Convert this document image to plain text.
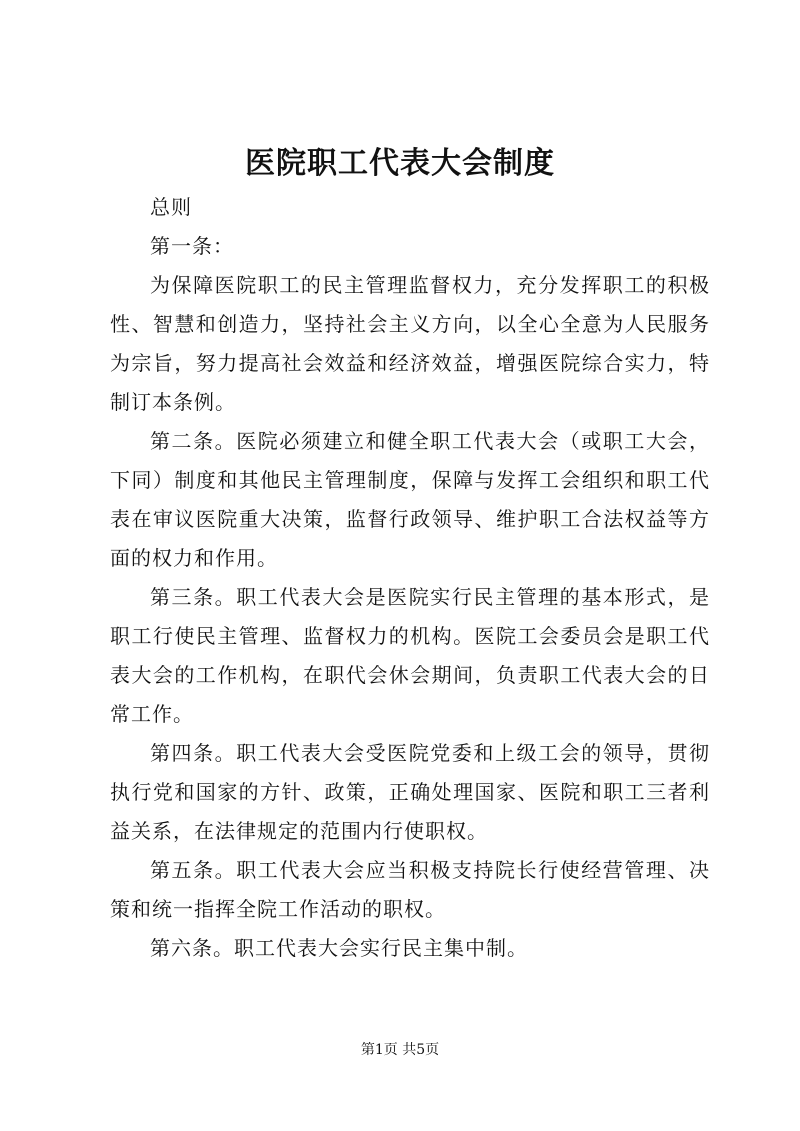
医院职工代表大会制度

总则

第一条：

为保障医院职工的民主管理监督权力，充分发挥职工的积极性、智慧和创造力，坚持社会主义方向，以全心全意为人民服务为宗旨，努力提高社会效益和经济效益，增强医院综合实力，特制订本条例。

第二条。医院必须建立和健全职工代表大会（或职工大会，下同）制度和其他民主管理制度，保障与发挥工会组织和职工代表在审议医院重大决策，监督行政领导、维护职工合法权益等方面的权力和作用。

第三条。职工代表大会是医院实行民主管理的基本形式，是职工行使民主管理、监督权力的机构。医院工会委员会是职工代表大会的工作机构，在职代会休会期间，负责职工代表大会的日常工作。

第四条。职工代表大会受医院党委和上级工会的领导，贯彻执行党和国家的方针、政策，正确处理国家、医院和职工三者利益关系，在法律规定的范围内行使职权。

第五条。职工代表大会应当积极支持院长行使经营管理、决策和统一指挥全院工作活动的职权。

第六条。职工代表大会实行民主集中制。

第1页 共5页
